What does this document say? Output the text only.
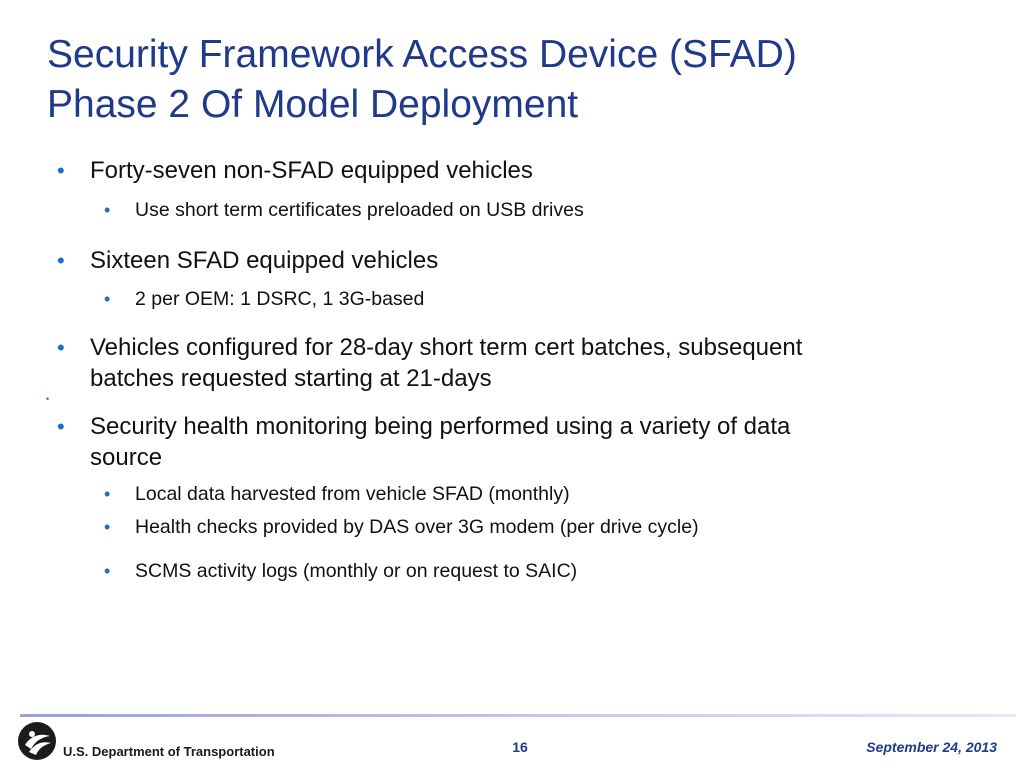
Security Framework Access Device (SFAD)
Phase 2 Of Model Deployment
• Forty-seven non-SFAD equipped vehicles
• Use short term certificates preloaded on USB drives
• Sixteen SFAD equipped vehicles
• 2 per OEM: 1 DSRC, 1 3G-based
• Vehicles configured for 28-day short term cert batches, subsequent
batches requested starting at 21-days
•
• Security health monitoring being performed using a variety of data
source
• Local data harvested from vehicle SFAD (monthly)
• Health checks provided by DAS over 3G modem (per drive cycle)
• SCMS activity logs (monthly or on request to SAIC)
U.S. Department of Transportation	16	September 24, 2013
